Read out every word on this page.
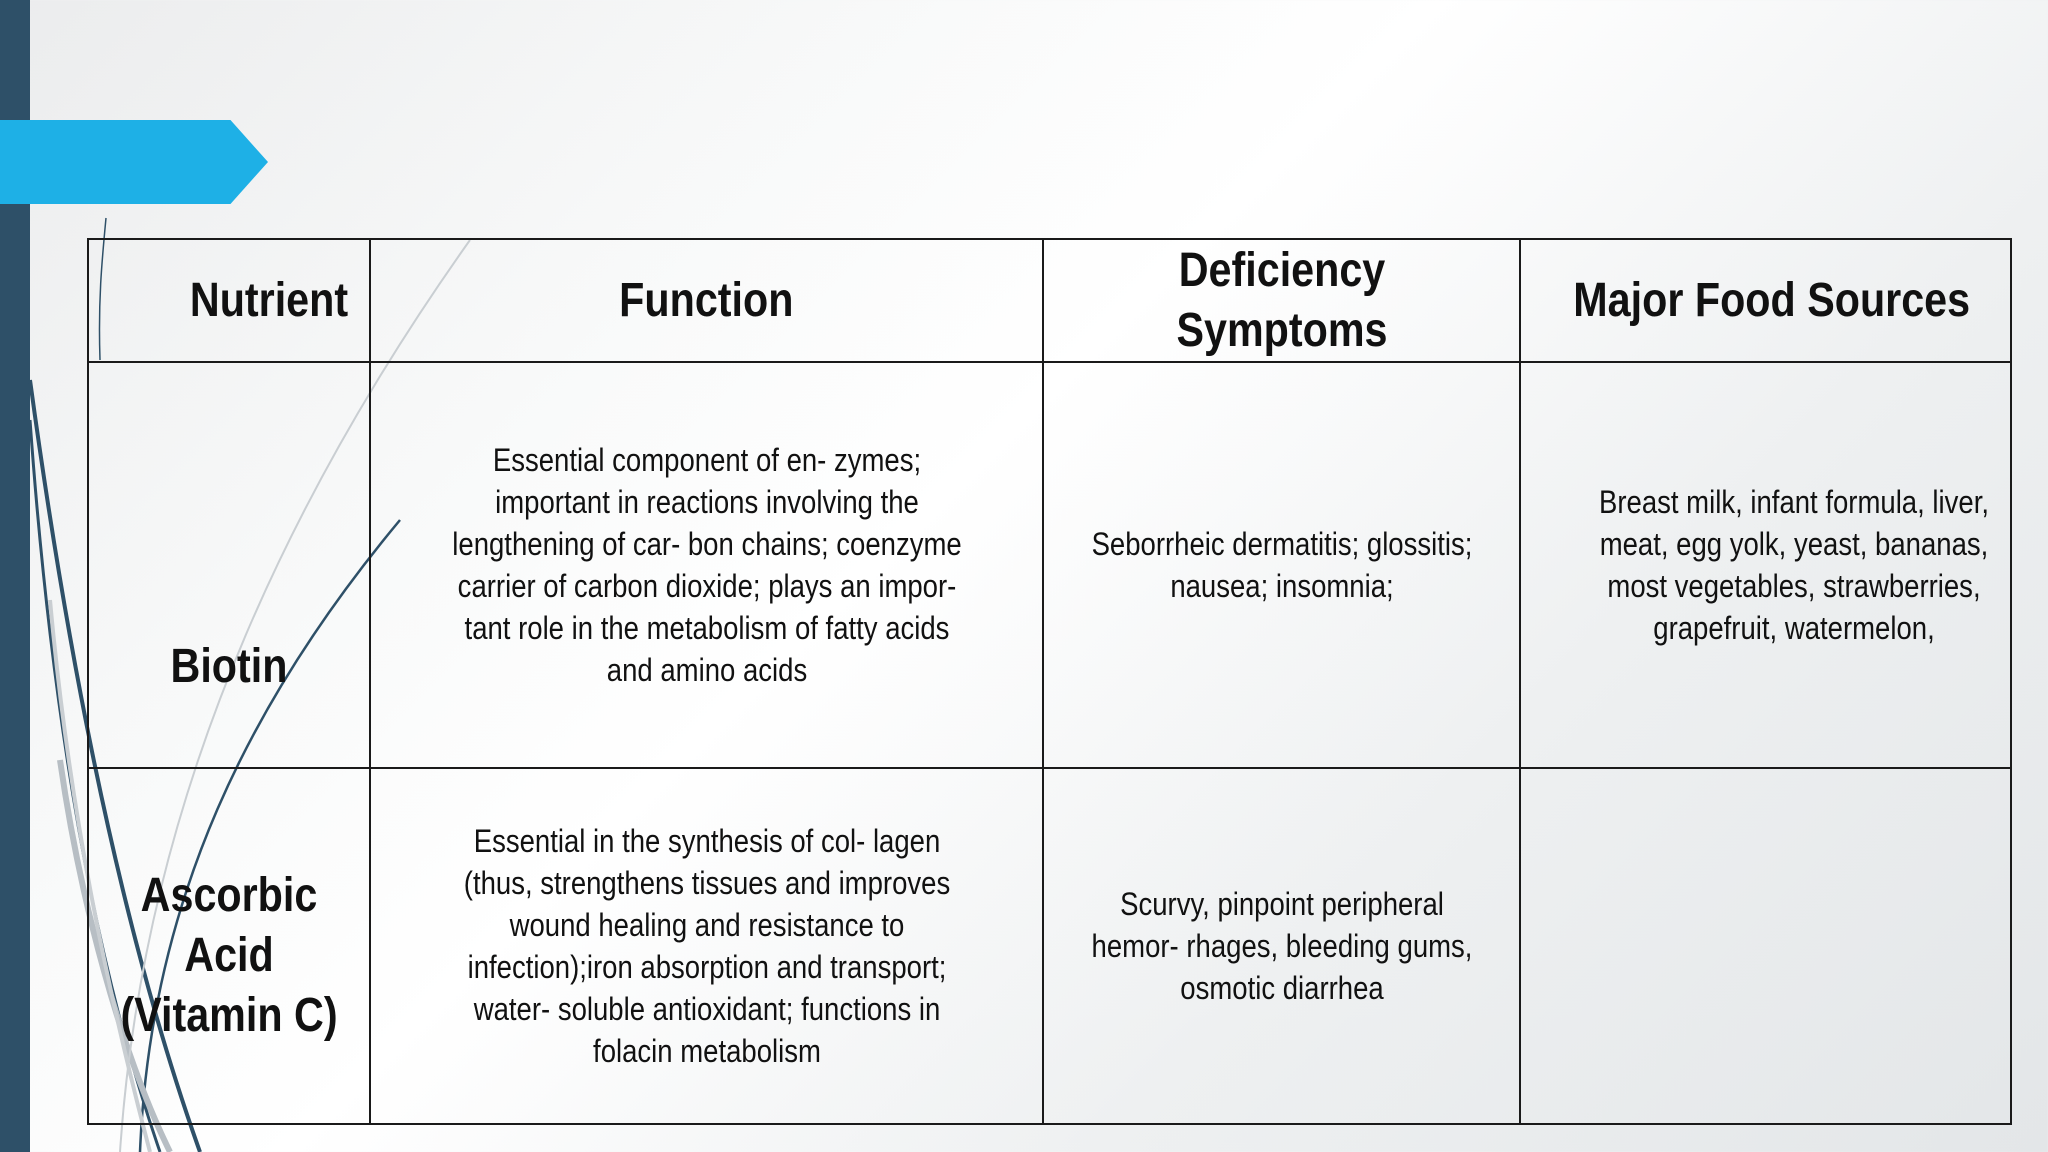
Nutrient	Function	Deficiency Symptoms	Major Food Sources
Biotin	Essential component of en- zymes; important in reactions involving the lengthening of car- bon chains; coenzyme carrier of carbon dioxide; plays an impor- tant role in the metabolism of fatty acids and amino acids	Seborrheic dermatitis; glossitis; nausea; insomnia;	Breast milk, infant formula, liver, meat, egg yolk, yeast, bananas, most vegetables, strawberries, grapefruit, watermelon,
Ascorbic Acid (Vitamin C)	Essential in the synthesis of col- lagen (thus, strengthens tissues and improves wound healing and resistance to infection);iron absorption and transport; water- soluble antioxidant; functions in folacin metabolism	Scurvy, pinpoint peripheral hemor- rhages, bleeding gums, osmotic diarrhea	
